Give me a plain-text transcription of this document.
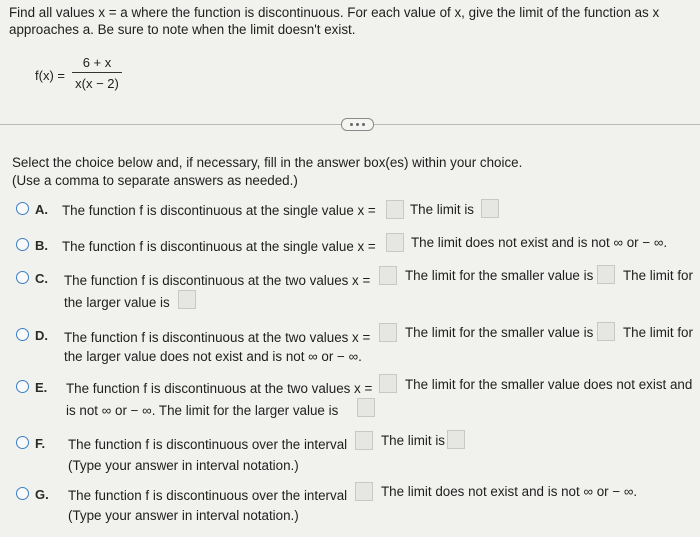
Find all values x = a where the function is discontinuous. For each value of x, give the limit of the function as x

approaches a. Be sure to note when the limit doesn't exist.

f(x) =
6 + x
x(x − 2)
Select the choice below and, if necessary, fill in the answer box(es) within your choice.
(Use a comma to separate answers as needed.)
A. The function f is discontinuous at the single value x =	The limit is
B. The function f is discontinuous at the single value x =	The limit does not exist and is not ∞ or − ∞.
C. The function f is discontinuous at the two values x =	The limit for the smaller value is The limit for
the larger value is
D. The function f is discontinuous at the two values x =	The limit for the smaller value is The limit for
the larger value does not exist and is not ∞ or − ∞.
E. The function f is discontinuous at the two values x = The limit for the smaller value does not exist and
is not ∞ or − ∞. The limit for the larger value is
F. The function f is discontinuous over the interval	The limit is
(Type your answer in interval notation.)
G. The function f is discontinuous over the interval	The limit does not exist and is not ∞ or − ∞.
(Type your answer in interval notation.)
